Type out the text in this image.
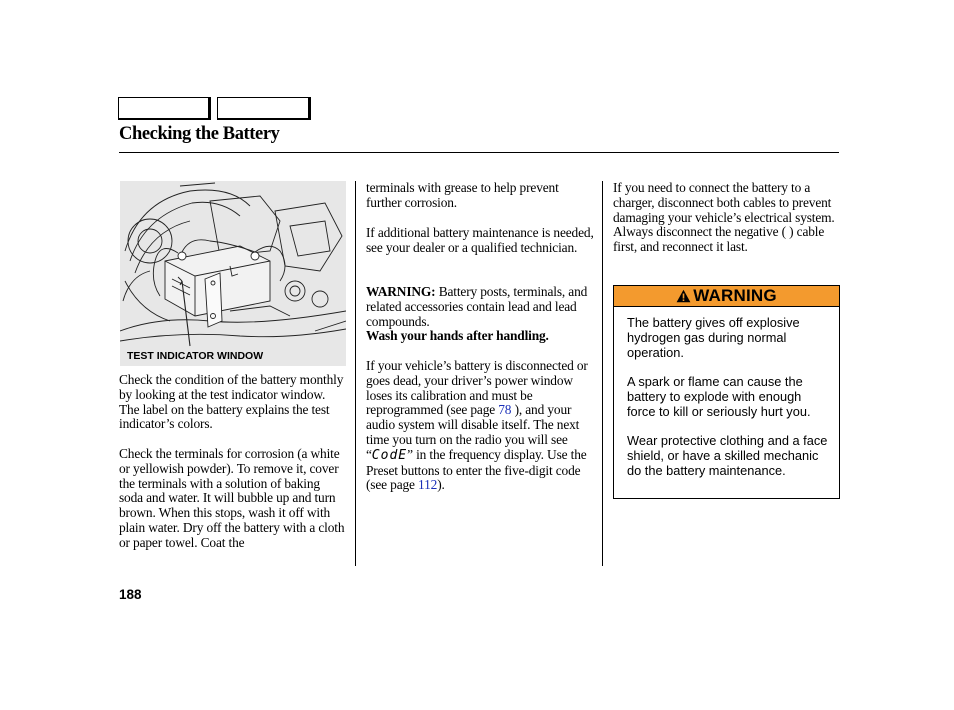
Checking the Battery
TEST INDICATOR WINDOW

Check the condition of the battery monthly by looking at the test indicator window. The label on the battery explains the test indicator’s colors.

Check the terminals for corrosion (a white or yellowish powder). To remove it, cover the terminals with a solution of baking soda and water. It will bubble up and turn brown. When this stops, wash it off with plain water. Dry off the battery with a cloth or paper towel. Coat the

terminals with grease to help prevent further corrosion.

If additional battery maintenance is needed, see your dealer or a qualified technician.

WARNING: Battery posts, terminals, and related accessories contain lead and lead compounds.
Wash your hands after handling.

If your vehicle’s battery is disconnected or goes dead, your driver’s power window loses its calibration and must be reprogrammed (see page 78 ), and your audio system will disable itself. The next time you turn on the radio you will see “CodE” in the frequency display. Use the Preset buttons to enter the five-digit code (see page 112).

If you need to connect the battery to a charger, disconnect both cables to prevent damaging your vehicle’s electrical system. Always disconnect the negative ( ) cable first, and reconnect it last.

WARNING

The battery gives off explosive hydrogen gas during normal operation.

A spark or flame can cause the battery to explode with enough force to kill or seriously hurt you.

Wear protective clothing and a face shield, or have a skilled mechanic do the battery maintenance.

188
